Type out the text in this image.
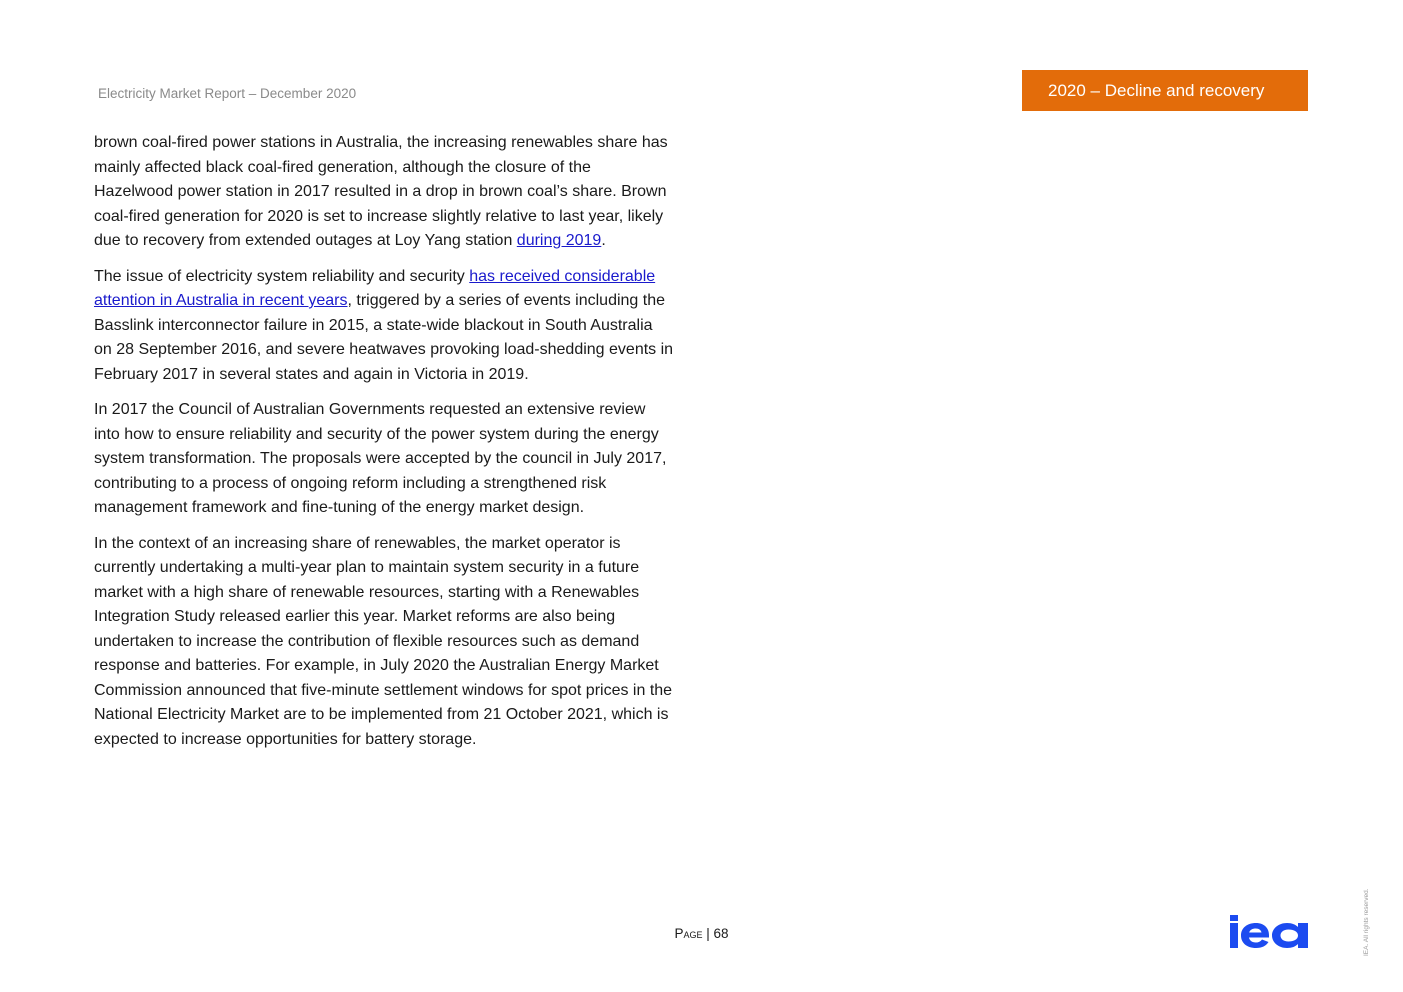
Electricity Market Report – December 2020	2020 – Decline and recovery

brown coal-fired power stations in Australia, the increasing renewables share has mainly affected black coal-fired generation, although the closure of the Hazelwood power station in 2017 resulted in a drop in brown coal’s share. Brown coal-fired generation for 2020 is set to increase slightly relative to last year, likely due to recovery from extended outages at Loy Yang station during 2019.

The issue of electricity system reliability and security has received considerable attention in Australia in recent years, triggered by a series of events including the Basslink interconnector failure in 2015, a state-wide blackout in South Australia on 28 September 2016, and severe heatwaves provoking load-shedding events in February 2017 in several states and again in Victoria in 2019.

In 2017 the Council of Australian Governments requested an extensive review into how to ensure reliability and security of the power system during the energy system transformation. The proposals were accepted by the council in July 2017, contributing to a process of ongoing reform including a strengthened risk management framework and fine-tuning of the energy market design.

In the context of an increasing share of renewables, the market operator is currently undertaking a multi-year plan to maintain system security in a future market with a high share of renewable resources, starting with a Renewables Integration Study released earlier this year. Market reforms are also being undertaken to increase the contribution of flexible resources such as demand response and batteries. For example, in July 2020 the Australian Energy Market Commission announced that five-minute settlement windows for spot prices in the National Electricity Market are to be implemented from 21 October 2021, which is expected to increase opportunities for battery storage.

Page | 68	IEA. All rights reserved.
